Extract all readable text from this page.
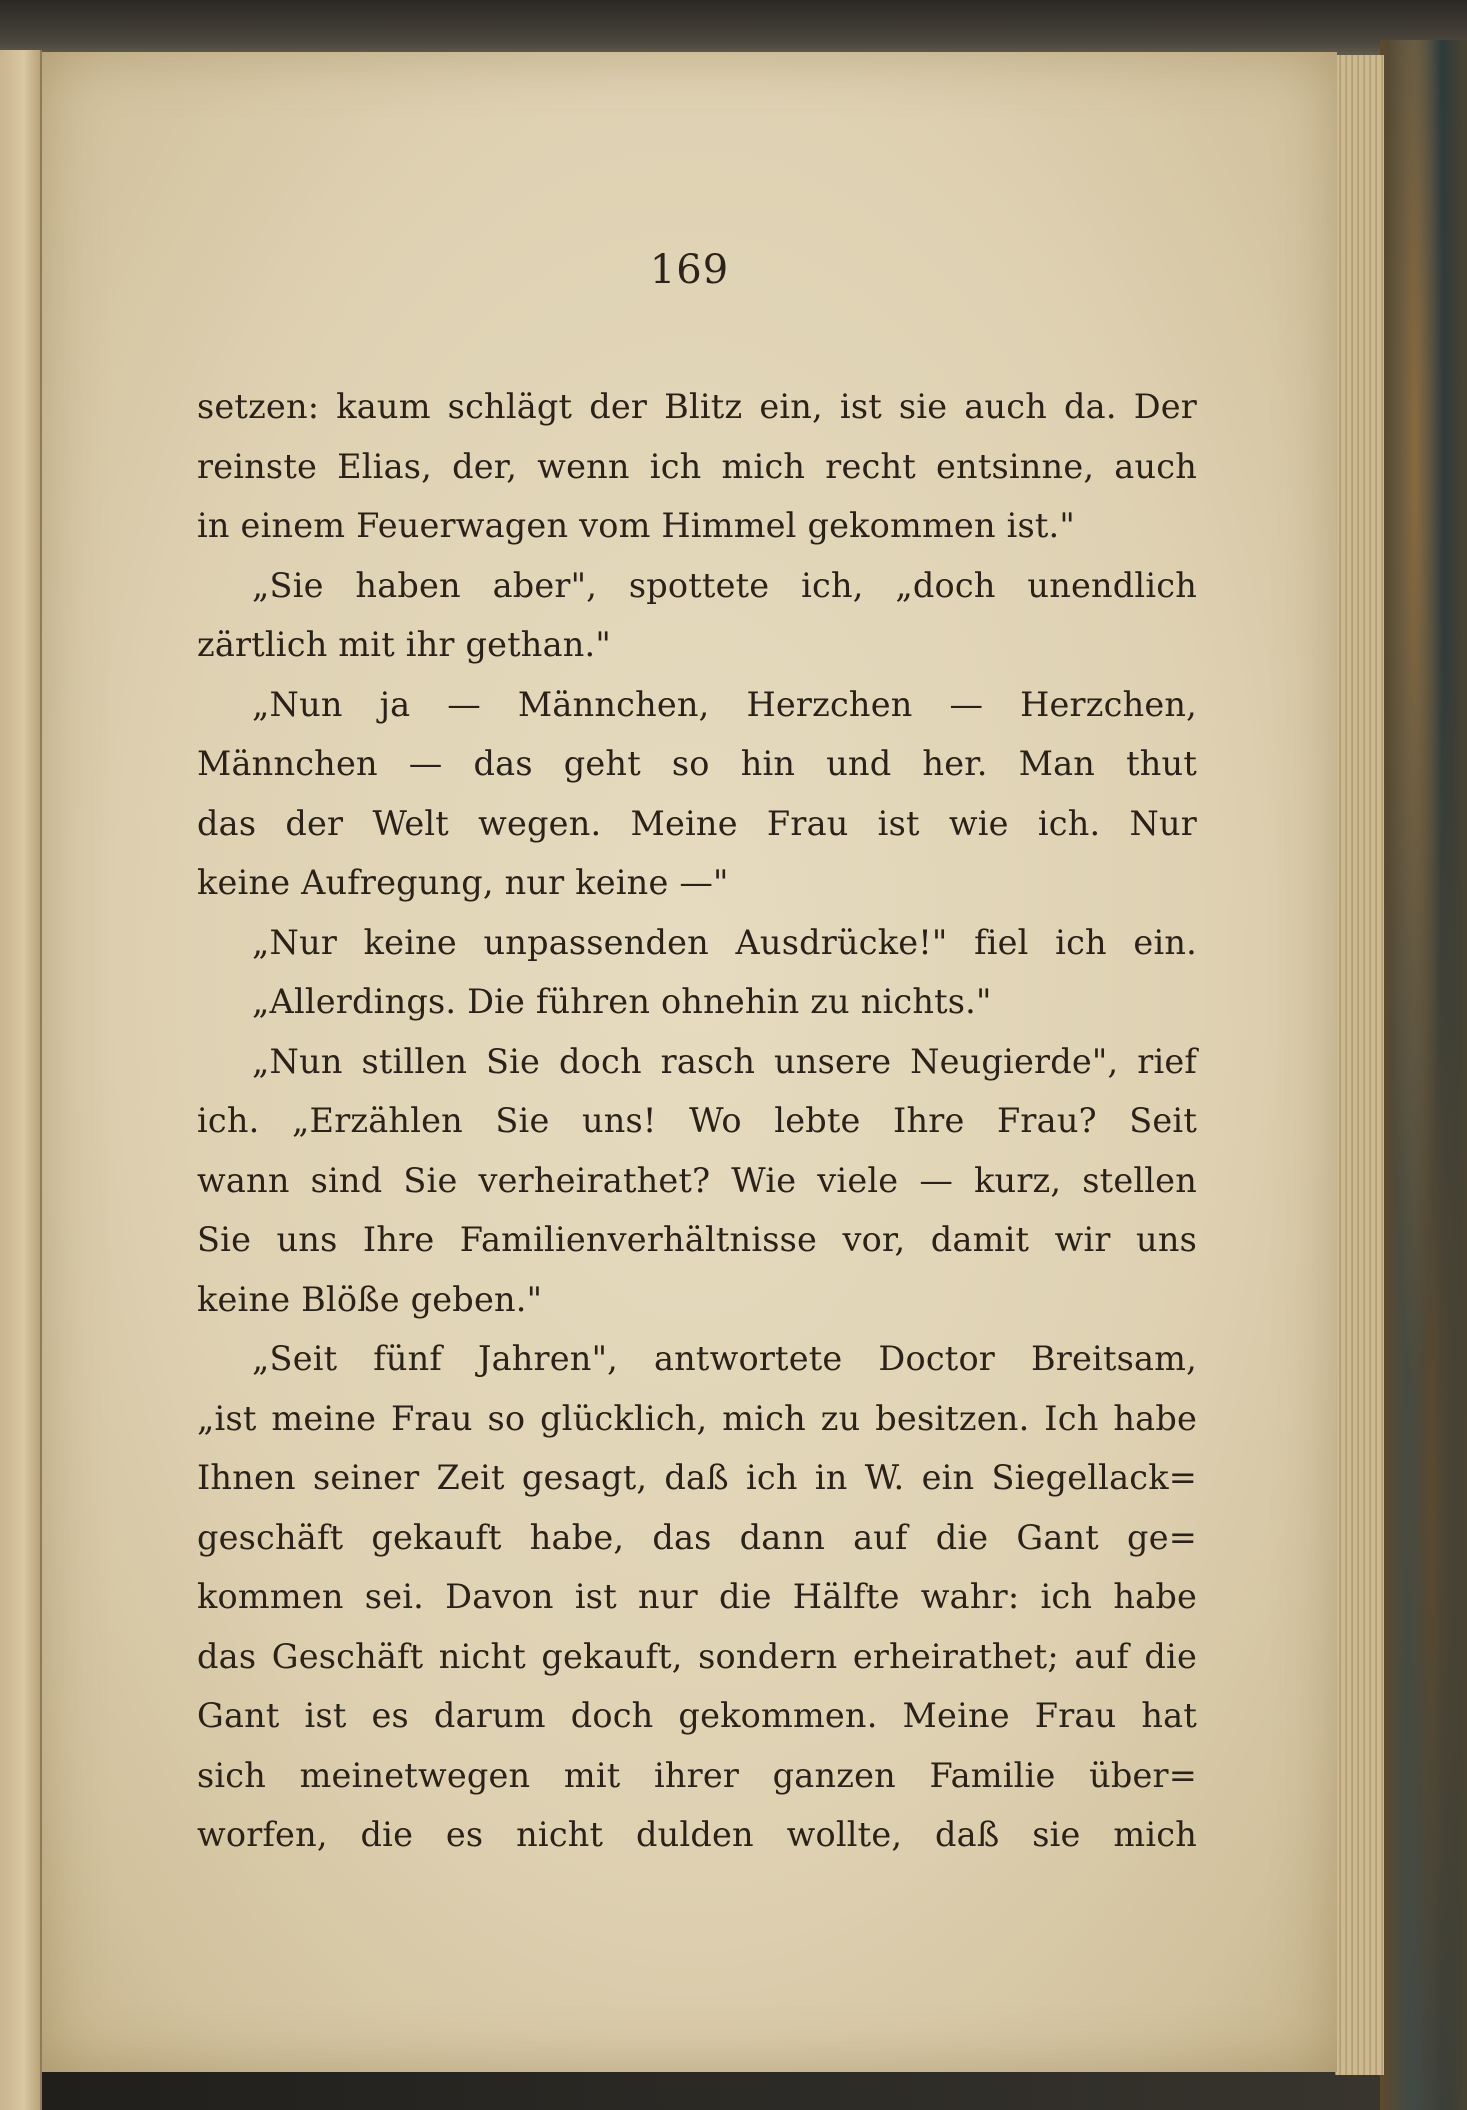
169
setzen: kaum schlägt der Blitz ein, ist sie auch da. Der
reinste Elias, der, wenn ich mich recht entsinne, auch
in einem Feuerwagen vom Himmel gekommen ist."
„Sie haben aber", spottete ich, „doch unendlich
zärtlich mit ihr gethan."
„Nun ja — Männchen, Herzchen — Herzchen,
Männchen — das geht so hin und her. Man thut
das der Welt wegen. Meine Frau ist wie ich. Nur
keine Aufregung, nur keine —"
„Nur keine unpassenden Ausdrücke!" fiel ich ein.
„Allerdings. Die führen ohnehin zu nichts."
„Nun stillen Sie doch rasch unsere Neugierde", rief
ich. „Erzählen Sie uns! Wo lebte Ihre Frau? Seit
wann sind Sie verheirathet? Wie viele — kurz, stellen
Sie uns Ihre Familienverhältnisse vor, damit wir uns
keine Blöße geben."
„Seit fünf Jahren", antwortete Doctor Breitsam,
„ist meine Frau so glücklich, mich zu besitzen. Ich habe
Ihnen seiner Zeit gesagt, daß ich in W. ein Siegellack=
geschäft gekauft habe, das dann auf die Gant ge=
kommen sei. Davon ist nur die Hälfte wahr: ich habe
das Geschäft nicht gekauft, sondern erheirathet; auf die
Gant ist es darum doch gekommen. Meine Frau hat
sich meinetwegen mit ihrer ganzen Familie über=
worfen, die es nicht dulden wollte, daß sie mich
